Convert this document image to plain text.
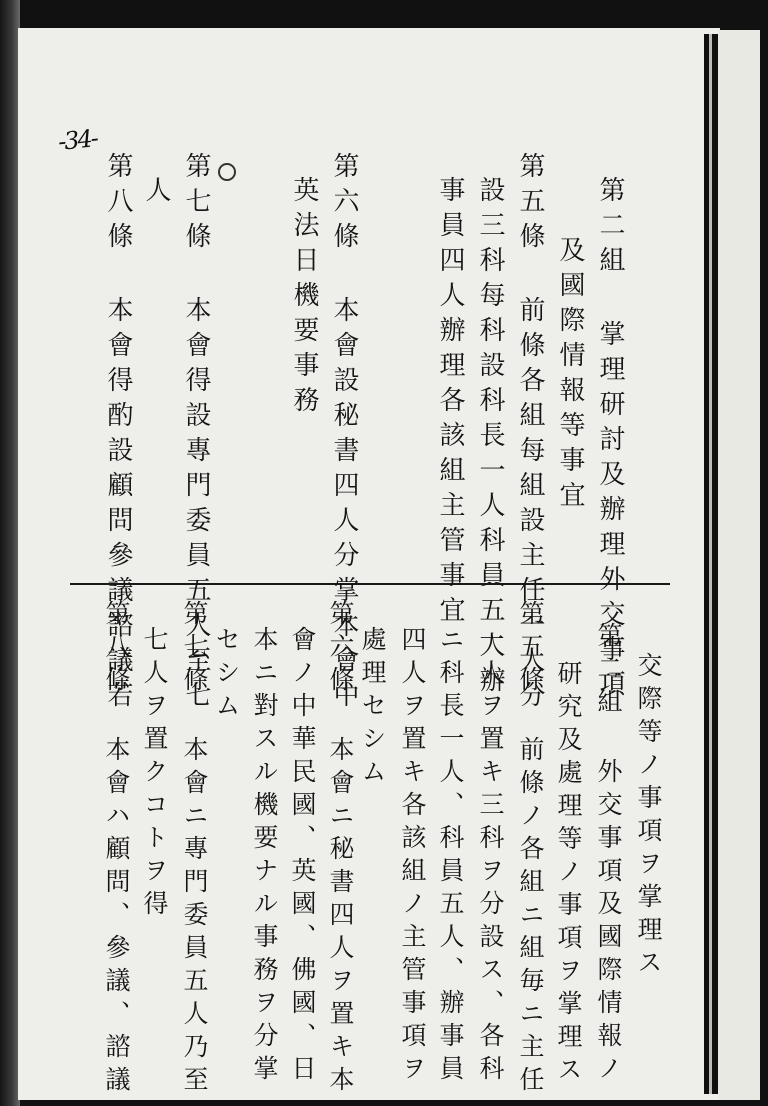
-34-
第二組 掌理研討及辦理外交事項
及國際情報等事宜
第五條 前條各組每組設主任一人分
設三科每科設科長一人科員五人辦
事員四人辦理各該組主管事宜
第六條 本會設秘書四人分掌本會中
英法日機要事務
第七條 本會得設專門委員五人至七
人
第八條 本會得酌設顧問參議諮議若
交際等ノ事項ヲ掌理ス
第二組 外交事項及國際情報ノ
研究及處理等ノ事項ヲ掌理ス
第五條 前條ノ各組ニ組毎ニ主任
一人ヲ置キ三科ヲ分設ス、各科
ニ科長一人、科員五人、辦事員
四人ヲ置キ各該組ノ主管事項ヲ
處理セシム
第六條 本會ニ秘書四人ヲ置キ本
會ノ中華民國、英國、佛國、日
本ニ對スル機要ナル事務ヲ分掌
セシム
第七條 本會ニ專門委員五人乃至
七人ヲ置クコトヲ得
第八條 本會ハ顧問、參議、諮議
